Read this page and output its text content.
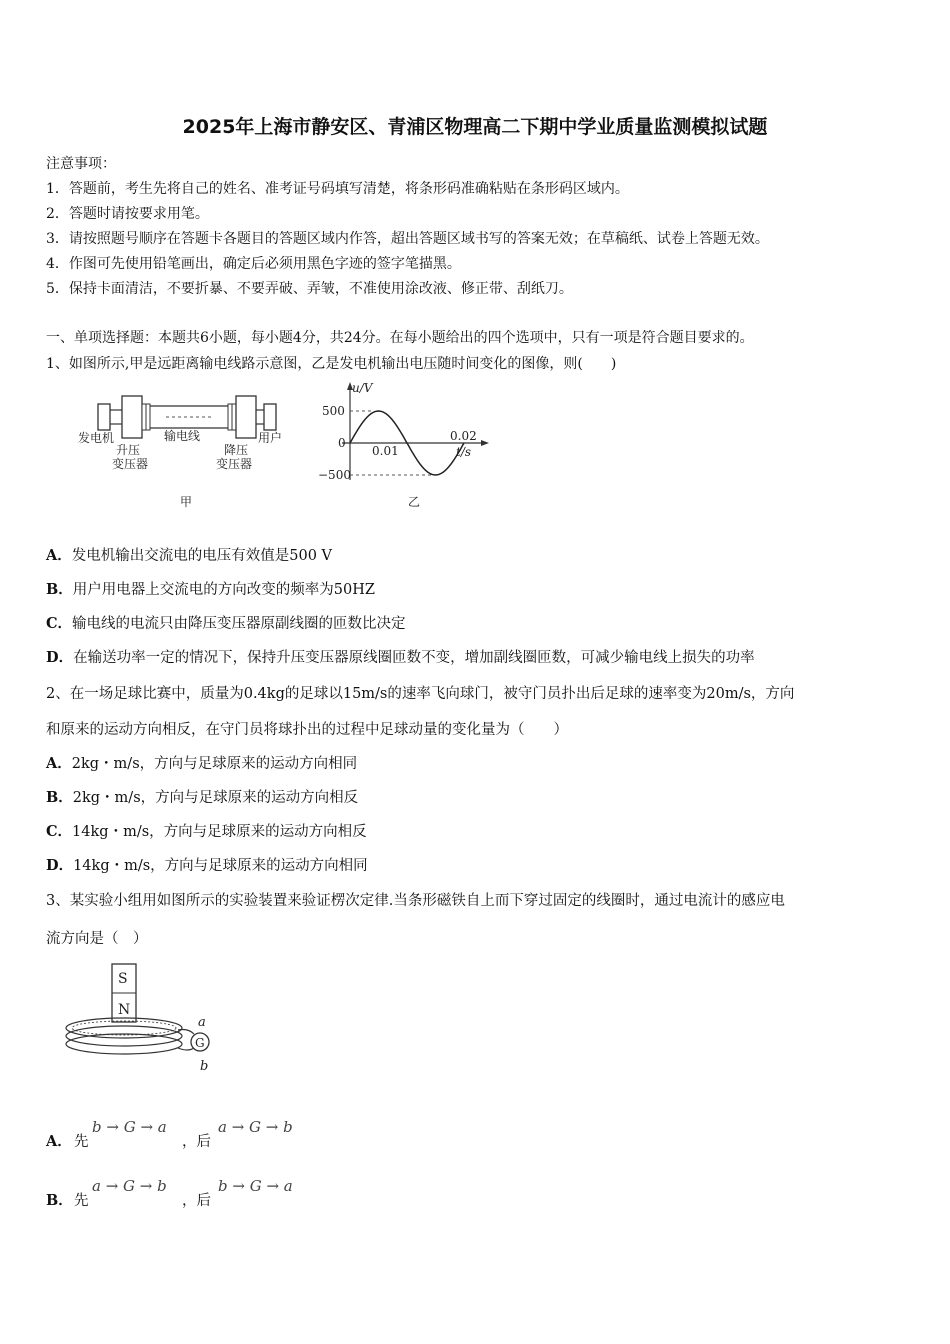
2025年上海市静安区、青浦区物理高二下期中学业质量监测模拟试题
注意事项：
1．答题前，考生先将自己的姓名、准考证号码填写清楚，将条形码准确粘贴在条形码区域内。
2．答题时请按要求用笔。
3．请按照题号顺序在答题卡各题目的答题区域内作答，超出答题区域书写的答案无效；在草稿纸、试卷上答题无效。
4．作图可先使用铅笔画出，确定后必须用黑色字迹的签字笔描黑。
5．保持卡面清洁，不要折暴、不要弄破、弄皱，不准使用涂改液、修正带、刮纸刀。
一、单项选择题：本题共6小题，每小题4分，共24分。在每小题给出的四个选项中，只有一项是符合题目要求的。
1、如图所示,甲是远距离输电线路示意图，乙是发电机输出电压随时间变化的图像，则(　　)
发电机
升压
变压器
输电线
降压
变压器
用户
甲
u/V
t/s
500
0
0.01
0.02
−500
乙
A．发电机输出交流电的电压有效值是500 V
B．用户用电器上交流电的方向改变的频率为50HZ
C．输电线的电流只由降压变压器原副线圈的匝数比决定
D．在输送功率一定的情况下，保持升压变压器原线圈匝数不变，增加副线圈匝数，可减少输电线上损失的功率
2、在一场足球比赛中，质量为0.4kg的足球以15m/s的速率飞向球门，被守门员扑出后足球的速率变为20m/s，方向
和原来的运动方向相反，在守门员将球扑出的过程中足球动量的变化量为（　　）
A．2kg・m/s，方向与足球原来的运动方向相同
B．2kg・m/s，方向与足球原来的运动方向相反
C．14kg・m/s，方向与足球原来的运动方向相反
D．14kg・m/s，方向与足球原来的运动方向相同
3、某实验小组用如图所示的实验装置来验证楞次定律.当条形磁铁自上而下穿过固定的线圈时，通过电流计的感应电
流方向是（　）
S
N
G
a
b
A． 先
b → G → a
，后
a → G → b
B． 先
a → G → b
，后
b → G → a
